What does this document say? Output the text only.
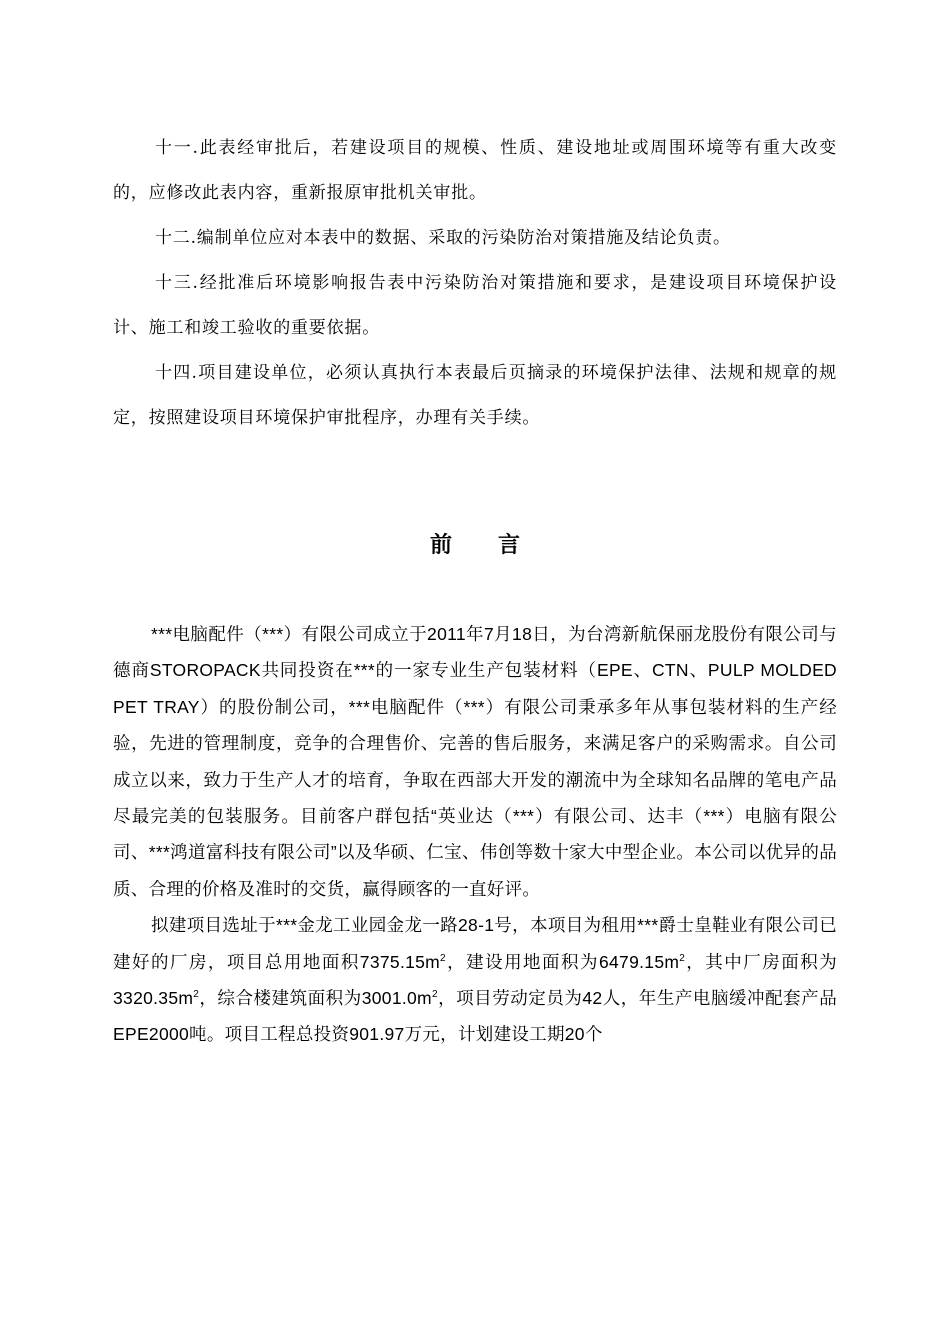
十一.此表经审批后，若建设项目的规模、性质、建设地址或周围环境等有重大改变的，应修改此表内容，重新报原审批机关审批。

十二.编制单位应对本表中的数据、采取的污染防治对策措施及结论负责。

十三.经批准后环境影响报告表中污染防治对策措施和要求，是建设项目环境保护设计、施工和竣工验收的重要依据。

十四.项目建设单位，必须认真执行本表最后页摘录的环境保护法律、法规和规章的规定，按照建设项目环境保护审批程序，办理有关手续。

前言

***电脑配件（***）有限公司成立于2011年7月18日，为台湾新航保丽龙股份有限公司与德商STOROPACK共同投资在***的一家专业生产包装材料（EPE、CTN、PULP MOLDED PET TRAY）的股份制公司，***电脑配件（***）有限公司秉承多年从事包装材料的生产经验，先进的管理制度，竞争的合理售价、完善的售后服务，来满足客户的采购需求。自公司成立以来，致力于生产人才的培育，争取在西部大开发的潮流中为全球知名品牌的笔电产品尽最完美的包装服务。目前客户群包括“英业达（***）有限公司、达丰（***）电脑有限公司、***鸿道富科技有限公司”以及华硕、仁宝、伟创等数十家大中型企业。本公司以优异的品质、合理的价格及准时的交货，赢得顾客的一直好评。

拟建项目选址于***金龙工业园金龙一路28-1号，本项目为租用***爵士皇鞋业有限公司已建好的厂房，项目总用地面积$7375.15m^2$，建设用地面积为$6479.15m^2$，其中厂房面积为$3320.35m^2$，综合楼建筑面积为$3001.0m^2$，项目劳动定员为42人，年生产电脑缓冲配套产品EPE2000吨。项目工程总投资901.97万元，计划建设工期20个
